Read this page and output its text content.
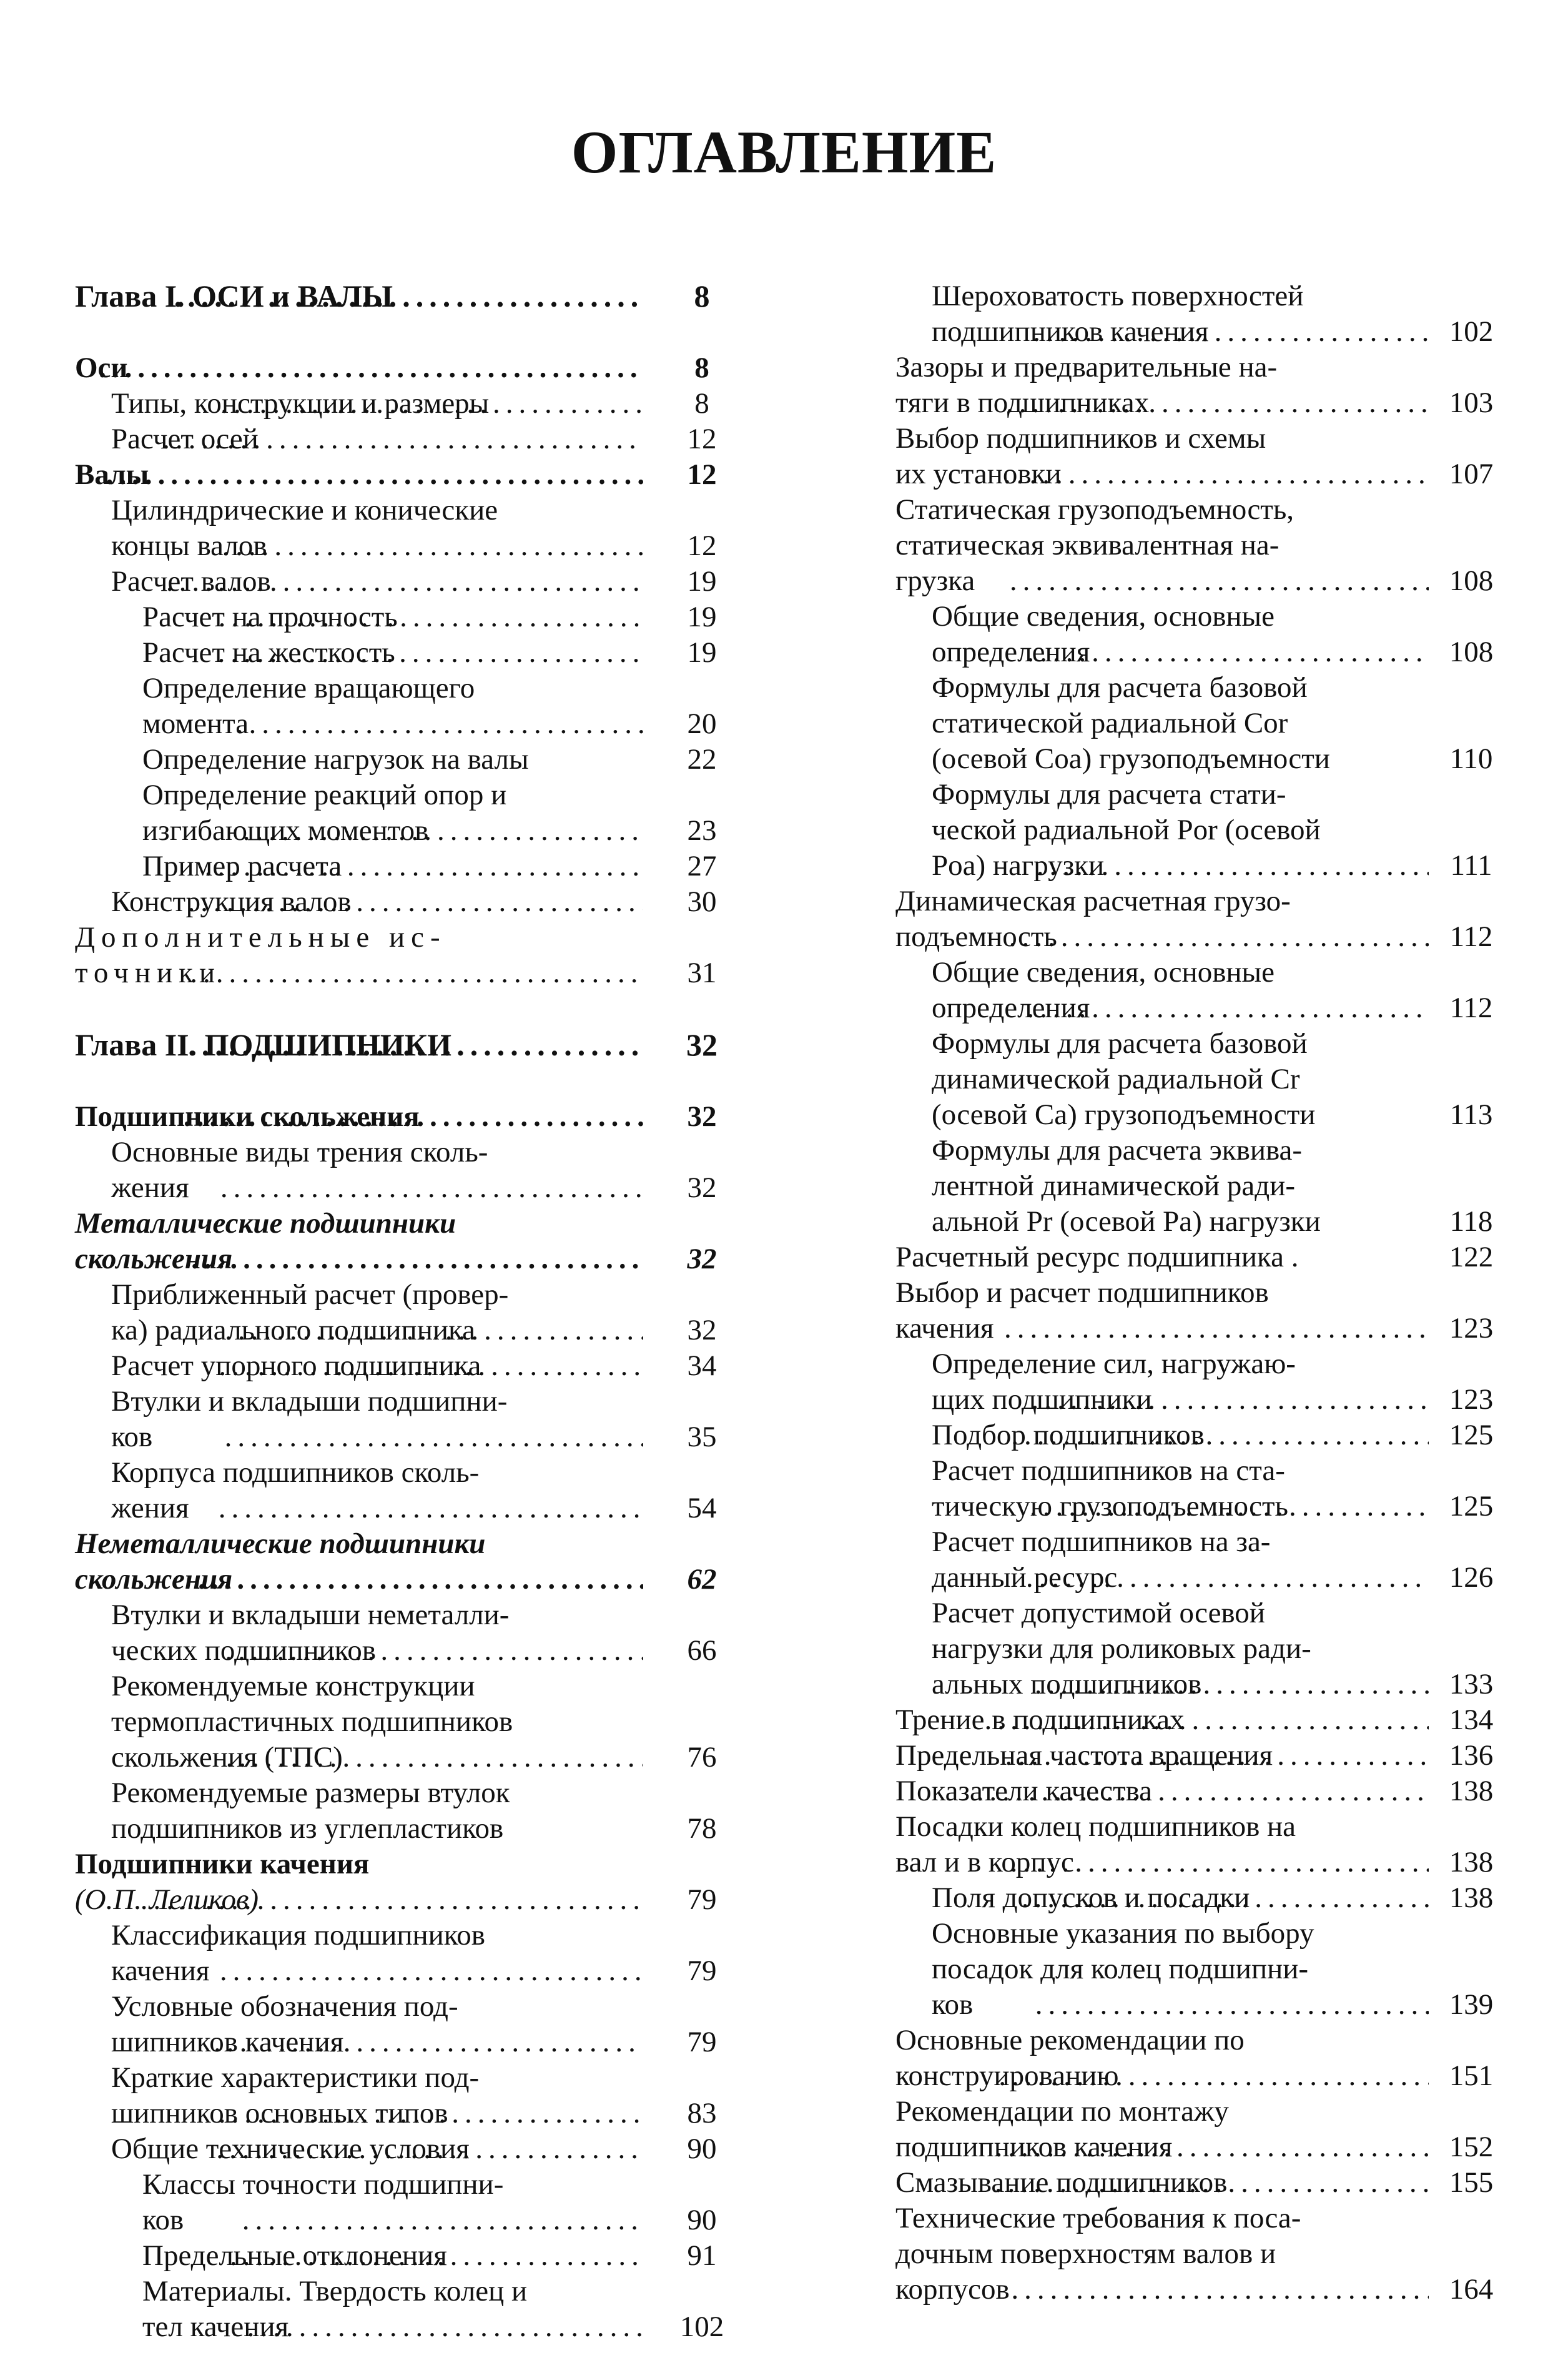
ОГЛАВЛЕНИЕ
Глава I. ОСИ и ВАЛЫ .....	8
Оси .....	8
Типы, конструкции и размеры .....	8
Расчет осей .....	12
Валы .....	12
Цилиндрические и конические
концы валов .....	12
Расчет валов .....	19
Расчет на прочность .....	19
Расчет на жесткость .....	19
Определение вращающего
момента .....	20
Определение нагрузок на валы	22
Определение реакций опор и
изгибающих моментов .....	23
Пример расчета .....	27
Конструкция валов .....	30
Дополнительные ис-
точники .....	31
Глава II. ПОДШИПНИКИ .....	32
Подшипники скольжения .....	32
Основные виды трения сколь-
жения .....	32
Металлические подшипники
скольжения .....	32
Приближенный расчет (провер-
ка) радиального подшипника .....	32
Расчет упорного подшипника .....	34
Втулки и вкладыши подшипни-
ков .....	35
Корпуса подшипников сколь-
жения .....	54
Неметаллические подшипники
скольжения .....	62
Втулки и вкладыши неметалли-
ческих подшипников .....	66
Рекомендуемые конструкции
термопластичных подшипников
скольжения (ТПС) .....	76
Рекомендуемые размеры втулок
подшипников из углепластиков	78
Подшипники качения
(О.П. Леликов) .....	79
Классификация подшипников
качения .....	79
Условные обозначения под-
шипников качения .....	79
Краткие характеристики под-
шипников основных типов .....	83
Общие технические условия .....	90
Классы точности подшипни-
ков .....	90
Предельные отклонения .....	91
Материалы. Твердость колец и
тел качения .....	102
Шероховатость поверхностей
подшипников качения .....	102
Зазоры и предварительные на-
тяги в подшипниках .....	103
Выбор подшипников и схемы
их установки .....	107
Статическая грузоподъемность,
статическая эквивалентная на-
грузка .....	108
Общие сведения, основные
определения .....	108
Формулы для расчета базовой
статической радиальной Cor
(осевой Coa) грузоподъемности	110
Формулы для расчета стати-
ческой радиальной Por (осевой
Poa) нагрузки .....	111
Динамическая расчетная грузо-
подъемность .....	112
Общие сведения, основные
определения .....	112
Формулы для расчета базовой
динамической радиальной Cr
(осевой Ca) грузоподъемности	113
Формулы для расчета эквива-
лентной динамической ради-
альной Pr (осевой Pa) нагрузки	118
Расчетный ресурс подшипника .	122
Выбор и расчет подшипников
качения .....	123
Определение сил, нагружаю-
щих подшипники .....	123
Подбор подшипников .....	125
Расчет подшипников на ста-
тическую грузоподъемность .....	125
Расчет подшипников на за-
данный ресурс .....	126
Расчет допустимой осевой
нагрузки для роликовых ради-
альных подшипников .....	133
Трение в подшипниках .....	134
Предельная частота вращения .....	136
Показатели качества .....	138
Посадки колец подшипников на
вал и в корпус .....	138
Поля допусков и посадки .....	138
Основные указания по выбору
посадок для колец подшипни-
ков .....	139
Основные рекомендации по
конструированию .....	151
Рекомендации по монтажу
подшипников качения .....	152
Смазывание подшипников .....	155
Технические требования к поса-
дочным поверхностям валов и
корпусов .....	164
